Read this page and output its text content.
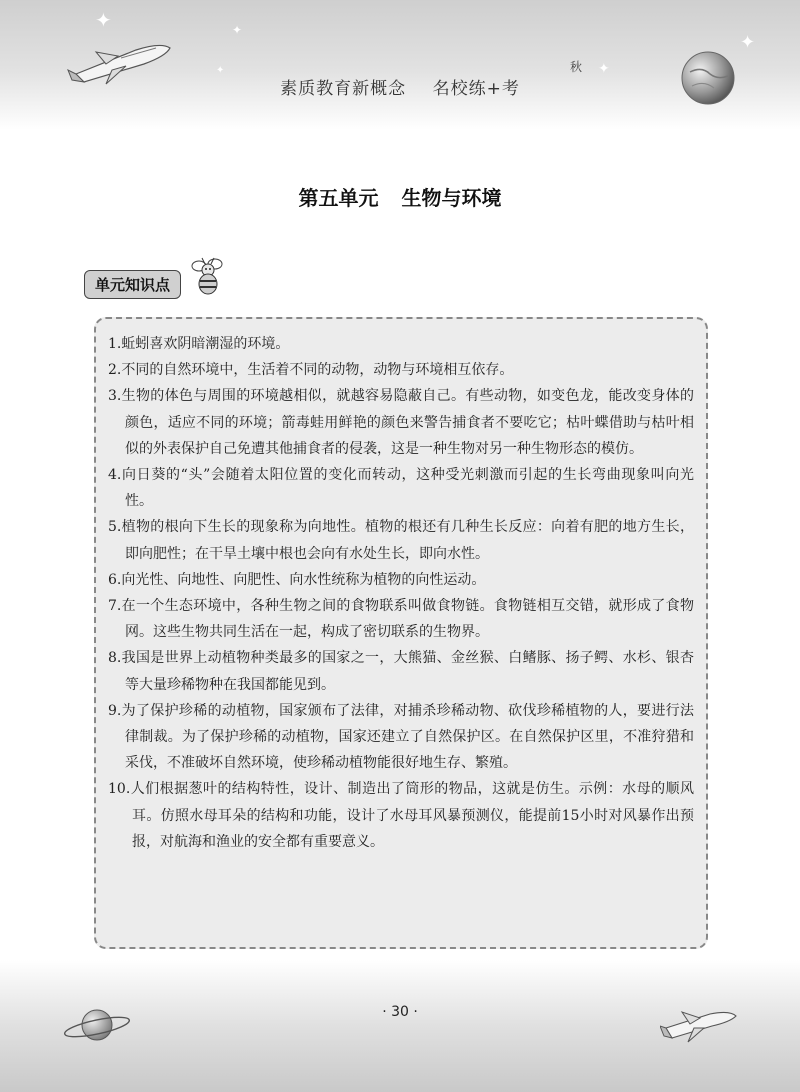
✦	✦
✦	✦
✦
素质教育新概念 名校练+考
秋
第五单元 生物与环境
单元知识点
1.蚯蚓喜欢阴暗潮湿的环境。
2.不同的自然环境中，生活着不同的动物，动物与环境相互依存。
3.生物的体色与周围的环境越相似，就越容易隐蔽自己。有些动物，如变色龙，能改变身体的颜色，适应不同的环境；箭毒蛙用鲜艳的颜色来警告捕食者不要吃它；枯叶蝶借助与枯叶相似的外表保护自己免遭其他捕食者的侵袭，这是一种生物对另一种生物形态的模仿。
4.向日葵的“头”会随着太阳位置的变化而转动，这种受光刺激而引起的生长弯曲现象叫向光性。
5.植物的根向下生长的现象称为向地性。植物的根还有几种生长反应：向着有肥的地方生长，即向肥性；在干旱土壤中根也会向有水处生长，即向水性。
6.向光性、向地性、向肥性、向水性统称为植物的向性运动。
7.在一个生态环境中，各种生物之间的食物联系叫做食物链。食物链相互交错，就形成了食物网。这些生物共同生活在一起，构成了密切联系的生物界。
8.我国是世界上动植物种类最多的国家之一，大熊猫、金丝猴、白鳍豚、扬子鳄、水杉、银杏等大量珍稀物种在我国都能见到。
9.为了保护珍稀的动植物，国家颁布了法律，对捕杀珍稀动物、砍伐珍稀植物的人，要进行法律制裁。为了保护珍稀的动植物，国家还建立了自然保护区。在自然保护区里，不准狩猎和采伐，不准破坏自然环境，使珍稀动植物能很好地生存、繁殖。
10.人们根据葱叶的结构特性，设计、制造出了筒形的物品，这就是仿生。示例：水母的顺风耳。仿照水母耳朵的结构和功能，设计了水母耳风暴预测仪，能提前15小时对风暴作出预报，对航海和渔业的安全都有重要意义。
· 30 ·
